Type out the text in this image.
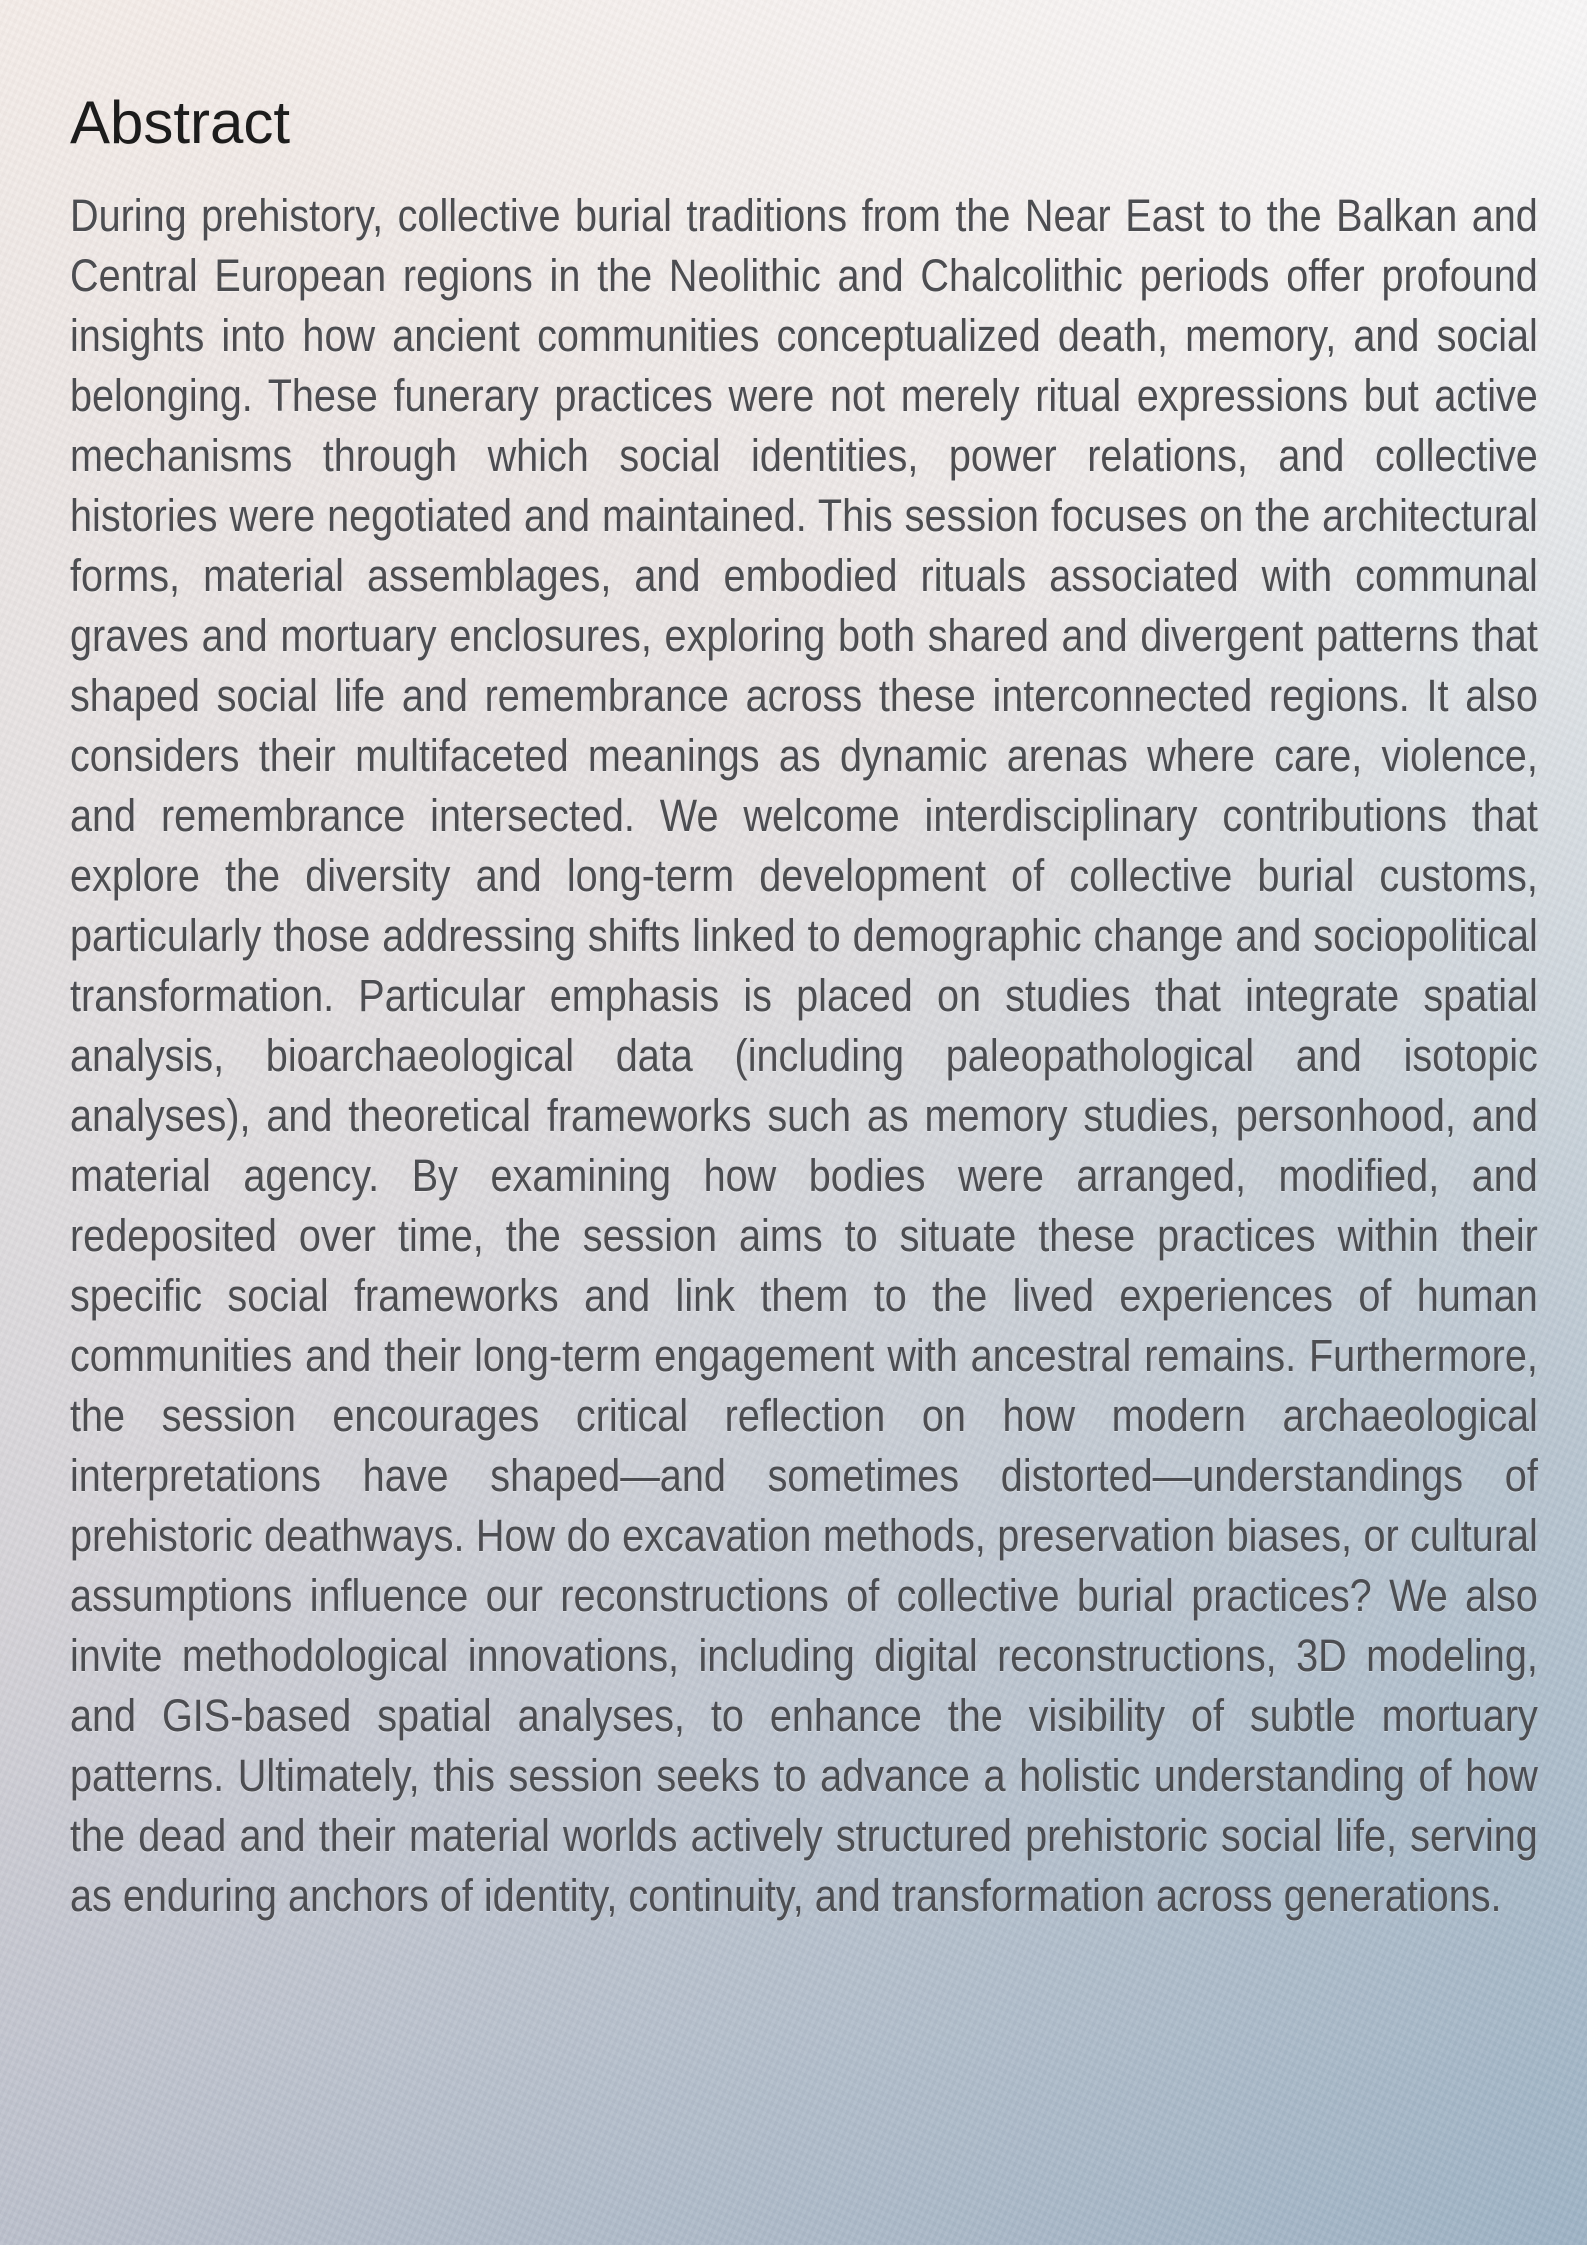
Abstract

During prehistory, collective burial traditions from the Near East to the Balkan and Central European regions in the Neolithic and Chalcolithic periods offer profound insights into how ancient communities conceptualized death, memory, and social belonging. These funerary practices were not merely ritual expressions but active mechanisms through which social identities, power relations, and collective histories were negotiated and maintained. This session focuses on the architectural forms, material assemblages, and embodied rituals associated with communal graves and mortuary enclosures, exploring both shared and divergent patterns that shaped social life and remembrance across these interconnected regions. It also considers their multifaceted meanings as dynamic arenas where care, violence, and remembrance intersected. We welcome interdisciplinary contributions that explore the diversity and long-term development of collective burial customs, particularly those addressing shifts linked to demographic change and sociopolitical transformation. Particular emphasis is placed on studies that integrate spatial analysis, bioarchaeological data (including paleopathological and isotopic analyses), and theoretical frameworks such as memory studies, personhood, and material agency. By examining how bodies were arranged, modified, and redeposited over time, the session aims to situate these practices within their specific social frameworks and link them to the lived experiences of human communities and their long-term engagement with ancestral remains. Furthermore, the session encourages critical reflection on how modern archaeological interpretations have shaped—and sometimes distorted—understandings of prehistoric deathways. How do excavation methods, preservation biases, or cultural assumptions influence our reconstructions of collective burial practices? We also invite methodological innovations, including digital reconstructions, 3D modeling, and GIS-based spatial analyses, to enhance the visibility of subtle mortuary patterns. Ultimately, this session seeks to advance a holistic understanding of how the dead and their material worlds actively structured prehistoric social life, serving as enduring anchors of identity, continuity, and transformation across generations.
